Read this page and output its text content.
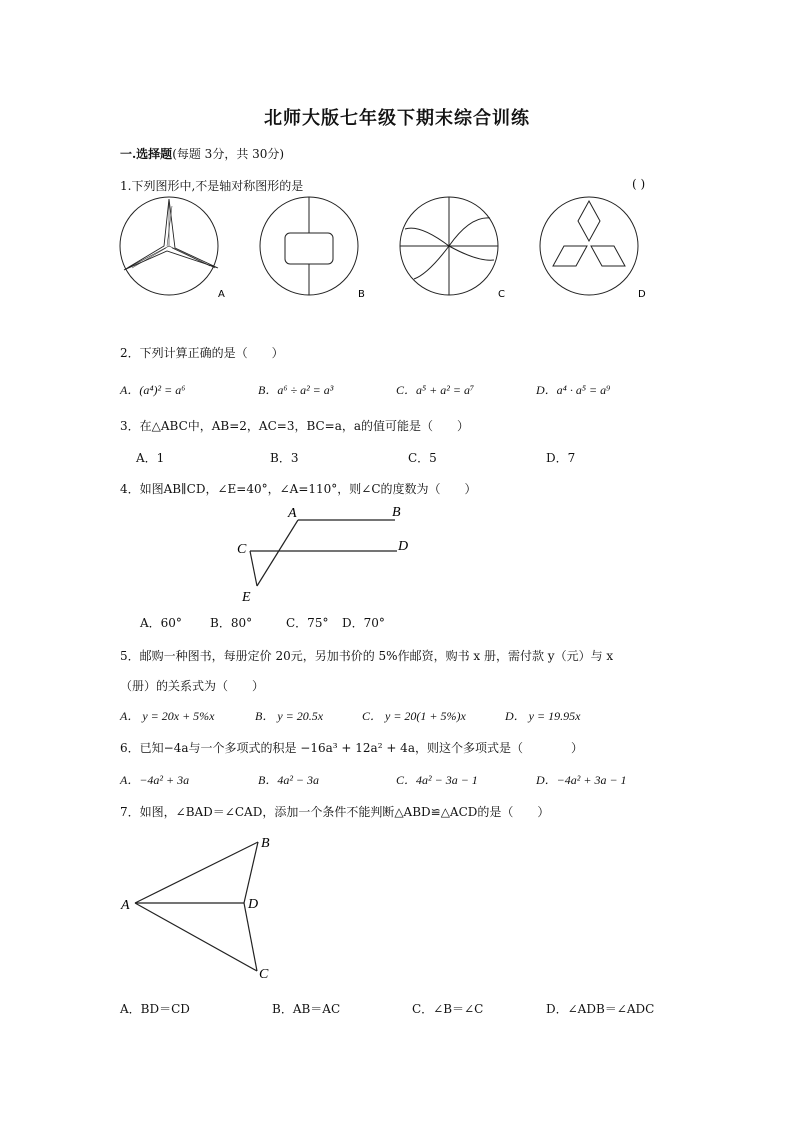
北师大版七年级下期末综合训练
一.选择题(每题 3分，共 30分)
1.下列图形中,不是轴对称图形的是	( )
A	B	C	D
2．下列计算正确的是（　　）
A．(a⁴)² = a⁶	B．a⁶ ÷ a² = a³	C．a⁵ + a² = a⁷	D．a⁴ · a⁵ = a⁹
3．在△ABC中，AB=2，AC=3，BC=a，a的值可能是（　　）
A．1	B．3	C．5	D．7
4．如图AB∥CD，∠E=40°，∠A=110°，则∠C的度数为（　　）
A	B
C	D
E
A．60° B．80°	C．75° D．70°
5．邮购一种图书，每册定价 20元，另加书价的 5%作邮资，购书 x 册，需付款 y（元）与 x
（册）的关系式为（　　）
A． y = 20x + 5%x	B． y = 20.5x	C． y = 20(1 + 5%)x	D． y = 19.95x
6．已知−4a与一个多项式的积是 −16a³ + 12a² + 4a，则这个多项式是（　　　　）
A．−4a² + 3a	B．4a² − 3a	C．4a² − 3a − 1	D．−4a² + 3a − 1
7．如图，∠BAD＝∠CAD，添加一个条件不能判断△ABD≌△ACD的是（　　）
A
B
C
D
A．BD＝CD	B．AB＝AC	C．∠B＝∠C	D．∠ADB＝∠ADC
